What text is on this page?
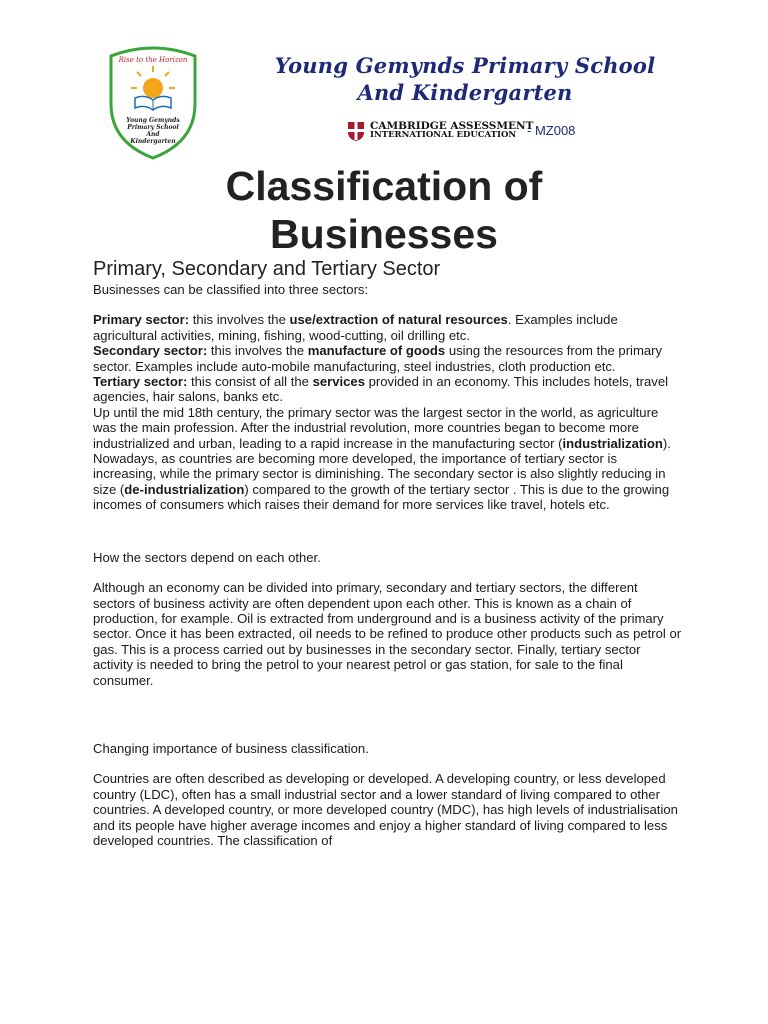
Rise to the Horizon
Young Gemynds
Primary School
And
Kindergarten
Young Gemynds Primary School
And Kindergarten
CAMBRIDGE ASSESSMENT
INTERNATIONAL EDUCATION - MZ008
Classification of
Businesses
Primary, Secondary and Tertiary Sector

Businesses can be classified into three sectors:

Primary sector: this involves the use/extraction of natural resources. Examples include agricultural activities, mining, fishing, wood-cutting, oil drilling etc.

Secondary sector: this involves the manufacture of goods using the resources from the primary sector. Examples include auto-mobile manufacturing, steel industries, cloth production etc.

Tertiary sector: this consist of all the services provided in an economy. This includes hotels, travel agencies, hair salons, banks etc.

Up until the mid 18th century, the primary sector was the largest sector in the world, as agriculture was the main profession. After the industrial revolution, more countries began to become more industrialized and urban, leading to a rapid increase in the manufacturing sector (industrialization).

Nowadays, as countries are becoming more developed, the importance of tertiary sector is increasing, while the primary sector is diminishing. The secondary sector is also slightly reducing in size (de-industrialization) compared to the growth of the tertiary sector . This is due to the growing incomes of consumers which raises their demand for more services like travel, hotels etc.

How the sectors depend on each other.

Although an economy can be divided into primary, secondary and tertiary sectors, the different sectors of business activity are often dependent upon each other. This is known as a chain of production, for example. Oil is extracted from underground and is a business activity of the primary sector. Once it has been extracted, oil needs to be refined to produce other products such as petrol or gas. This is a process carried out by businesses in the secondary sector. Finally, tertiary sector activity is needed to bring the petrol to your nearest petrol or gas station, for sale to the final consumer.

Changing importance of business classification.

Countries are often described as developing or developed. A developing country, or less developed country (LDC), often has a small industrial sector and a lower standard of living compared to other countries. A developed country, or more developed country (MDC), has high levels of industrialisation and its people have higher average incomes and enjoy a higher standard of living compared to less developed countries. The classification of
